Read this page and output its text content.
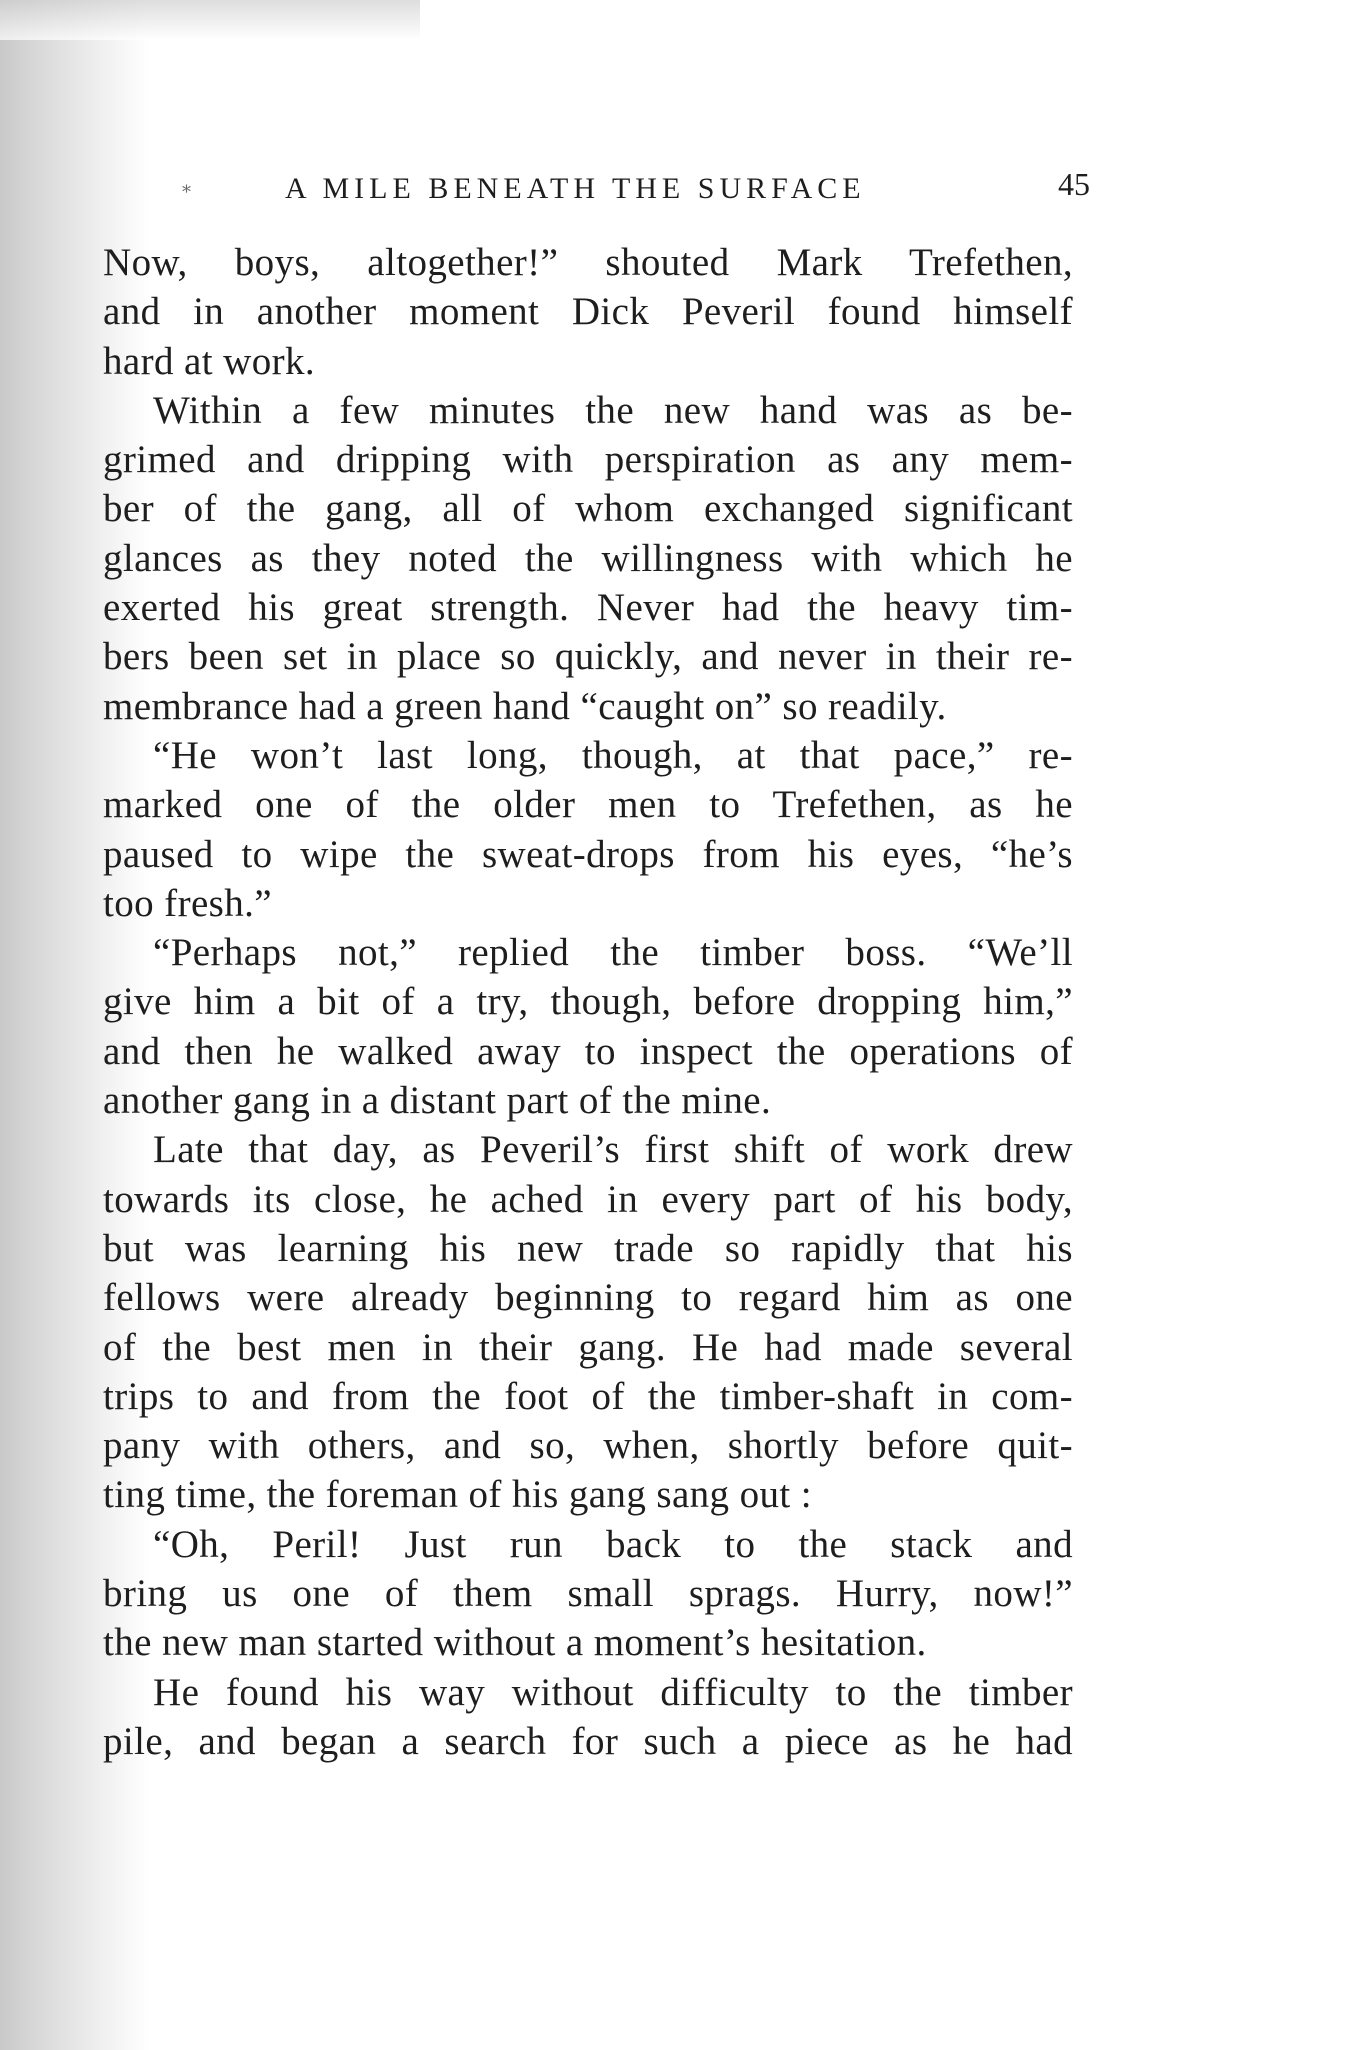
*	A MILE BENEATH THE SURFACE	45
Now, boys, altogether!” shouted Mark Trefethen,
and in another moment Dick Peveril found himself
hard at work.
Within a few minutes the new hand was as be-
grimed and dripping with perspiration as any mem-
ber of the gang, all of whom exchanged significant
glances as they noted the willingness with which he
exerted his great strength. Never had the heavy tim-
bers been set in place so quickly, and never in their re-
membrance had a green hand “caught on” so readily.
“He won’t last long, though, at that pace,” re-
marked one of the older men to Trefethen, as he
paused to wipe the sweat-drops from his eyes, “he’s
too fresh.”
“Perhaps not,” replied the timber boss. “We’ll
give him a bit of a try, though, before dropping him,”
and then he walked away to inspect the operations of
another gang in a distant part of the mine.
Late that day, as Peveril’s first shift of work drew
towards its close, he ached in every part of his body,
but was learning his new trade so rapidly that his
fellows were already beginning to regard him as one
of the best men in their gang. He had made several
trips to and from the foot of the timber-shaft in com-
pany with others, and so, when, shortly before quit-
ting time, the foreman of his gang sang out :
“Oh, Peril! Just run back to the stack and
bring us one of them small sprags. Hurry, now!”
the new man started without a moment’s hesitation.
He found his way without difficulty to the timber
pile, and began a search for such a piece as he had
